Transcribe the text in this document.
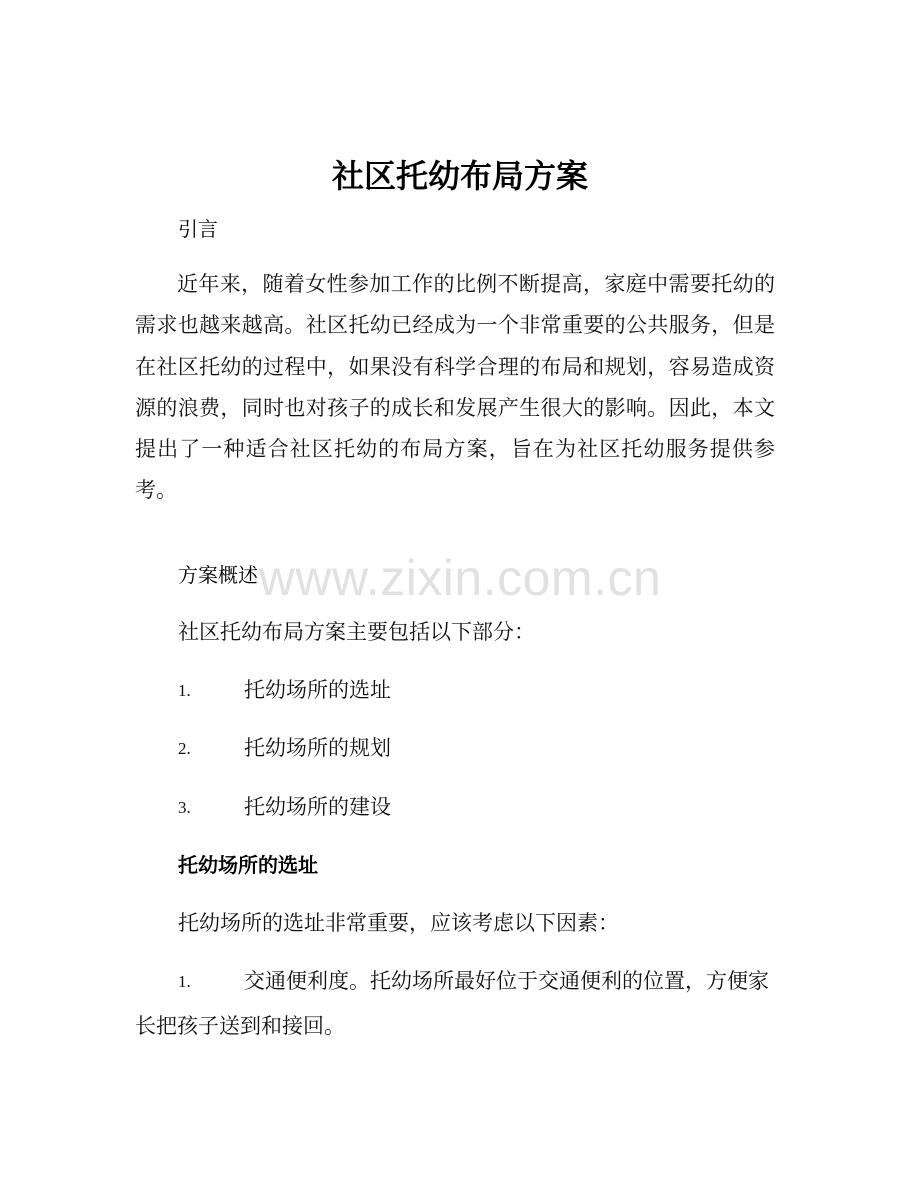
www.zixin.com.cn
社区托幼布局方案
引言
近年来，随着女性参加工作的比例不断提高，家庭中需要托幼的需求也越来越高。社区托幼已经成为一个非常重要的公共服务，但是在社区托幼的过程中，如果没有科学合理的布局和规划，容易造成资源的浪费，同时也对孩子的成长和发展产生很大的影响。因此，本文提出了一种适合社区托幼的布局方案，旨在为社区托幼服务提供参考。
方案概述
社区托幼布局方案主要包括以下部分：
1.	托幼场所的选址
2.	托幼场所的规划
3.	托幼场所的建设
托幼场所的选址
托幼场所的选址非常重要，应该考虑以下因素：
1.	交通便利度。托幼场所最好位于交通便利的位置，方便家
长把孩子送到和接回。
